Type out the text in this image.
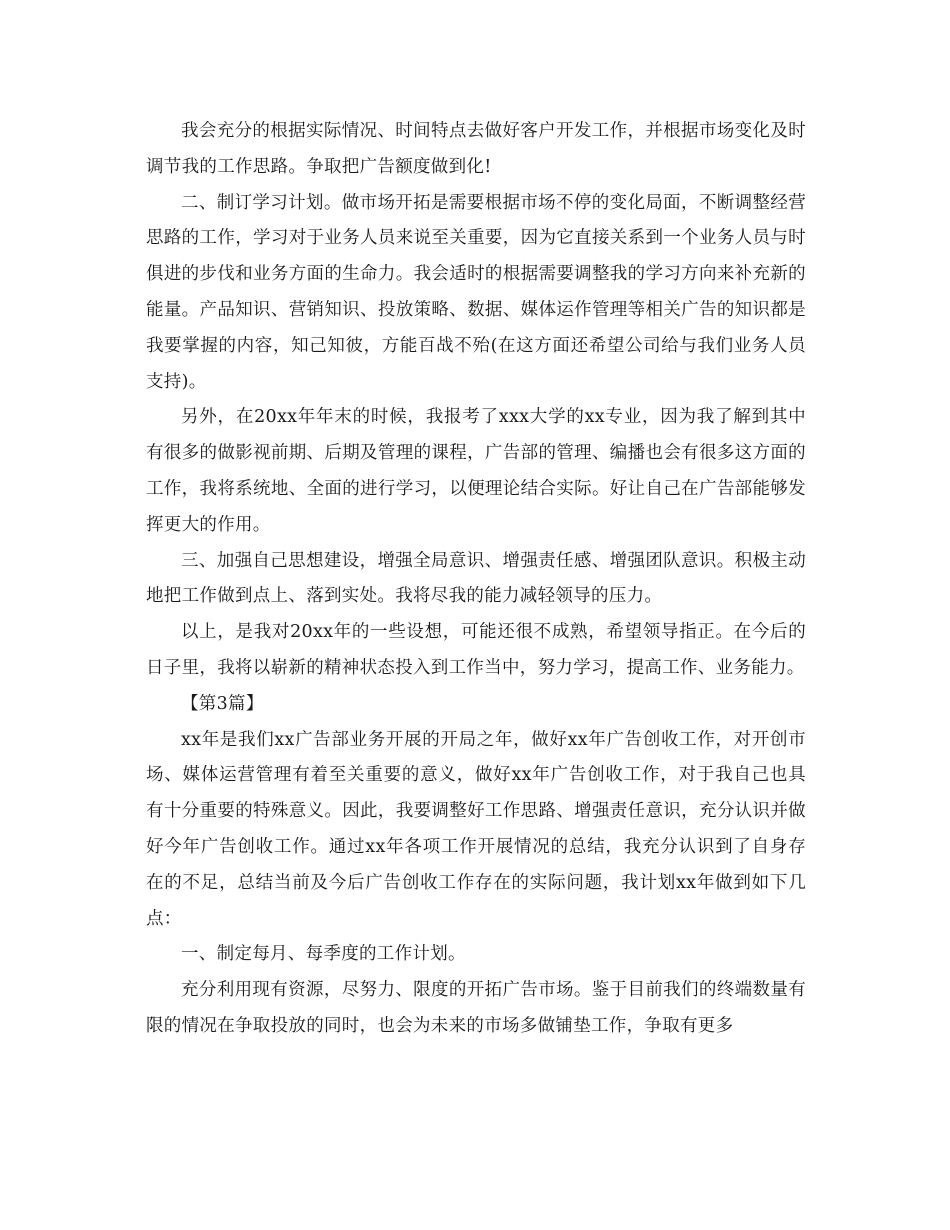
我会充分的根据实际情况、时间特点去做好客户开发工作，并根据市场变化及时调节我的工作思路。争取把广告额度做到化!

二、制订学习计划。做市场开拓是需要根据市场不停的变化局面，不断调整经营思路的工作，学习对于业务人员来说至关重要，因为它直接关系到一个业务人员与时俱进的步伐和业务方面的生命力。我会适时的根据需要调整我的学习方向来补充新的能量。产品知识、营销知识、投放策略、数据、媒体运作管理等相关广告的知识都是我要掌握的内容，知己知彼，方能百战不殆(在这方面还希望公司给与我们业务人员支持)。

另外，在20xx年年末的时候，我报考了xxx大学的xx专业，因为我了解到其中有很多的做影视前期、后期及管理的课程，广告部的管理、编播也会有很多这方面的工作，我将系统地、全面的进行学习，以便理论结合实际。好让自己在广告部能够发挥更大的作用。

三、加强自己思想建设，增强全局意识、增强责任感、增强团队意识。积极主动地把工作做到点上、落到实处。我将尽我的能力减轻领导的压力。

以上，是我对20xx年的一些设想，可能还很不成熟，希望领导指正。在今后的日子里，我将以崭新的精神状态投入到工作当中，努力学习，提高工作、业务能力。

【第3篇】

xx年是我们xx广告部业务开展的开局之年，做好xx年广告创收工作，对开创市场、媒体运营管理有着至关重要的意义，做好xx年广告创收工作，对于我自己也具有十分重要的特殊意义。因此，我要调整好工作思路、增强责任意识，充分认识并做好今年广告创收工作。通过xx年各项工作开展情况的总结，我充分认识到了自身存在的不足，总结当前及今后广告创收工作存在的实际问题，我计划xx年做到如下几点：

一、制定每月、每季度的工作计划。

充分利用现有资源，尽努力、限度的开拓广告市场。鉴于目前我们的终端数量有限的情况在争取投放的同时，也会为未来的市场多做铺垫工作，争取有更多
